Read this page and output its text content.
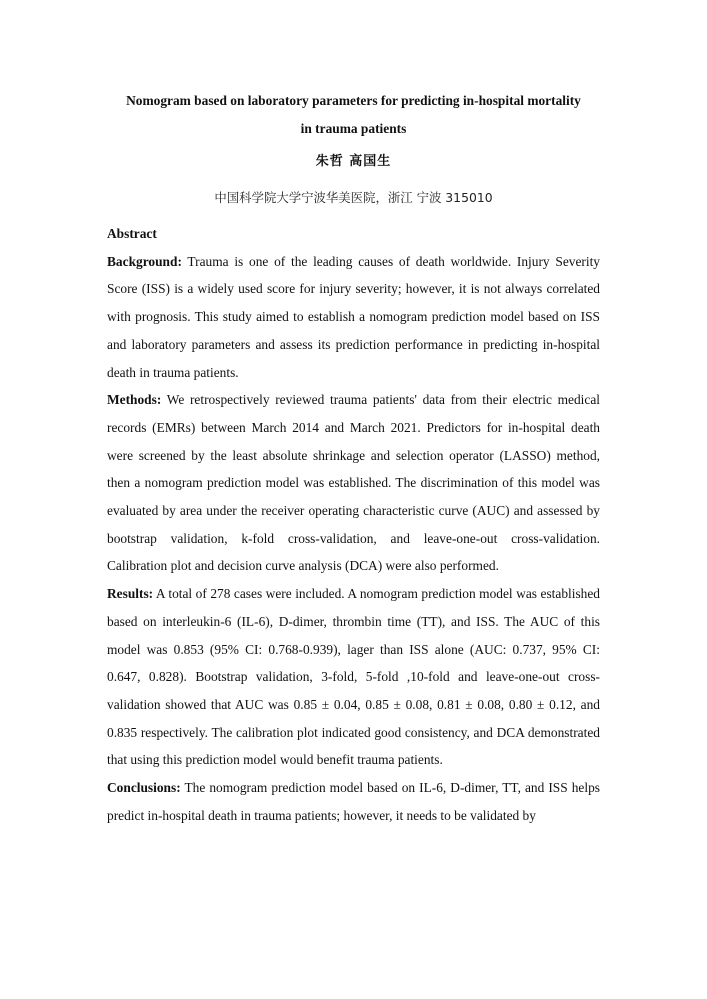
Nomogram based on laboratory parameters for predicting in-hospital mortality
in trauma patients
朱哲 高国生
中国科学院大学宁波华美医院，浙江 宁波 315010

Abstract

Background: Trauma is one of the leading causes of death worldwide. Injury Severity Score (ISS) is a widely used score for injury severity; however, it is not always correlated with prognosis. This study aimed to establish a nomogram prediction model based on ISS and laboratory parameters and assess its prediction performance in predicting in-hospital death in trauma patients.

Methods: We retrospectively reviewed trauma patients' data from their electric medical records (EMRs) between March 2014 and March 2021. Predictors for in-hospital death were screened by the least absolute shrinkage and selection operator (LASSO) method, then a nomogram prediction model was established. The discrimination of this model was evaluated by area under the receiver operating characteristic curve (AUC) and assessed by bootstrap validation, k-fold cross-validation, and leave-one-out cross-validation. Calibration plot and decision curve analysis (DCA) were also performed.

Results: A total of 278 cases were included. A nomogram prediction model was established based on interleukin-6 (IL-6), D-dimer, thrombin time (TT), and ISS. The AUC of this model was 0.853 (95% CI: 0.768-0.939), lager than ISS alone (AUC: 0.737, 95% CI: 0.647, 0.828). Bootstrap validation, 3-fold, 5-fold ,10-fold and leave-one-out cross-validation showed that AUC was 0.85 ± 0.04, 0.85 ± 0.08, 0.81 ± 0.08, 0.80 ± 0.12, and 0.835 respectively. The calibration plot indicated good consistency, and DCA demonstrated that using this prediction model would benefit trauma patients.

Conclusions: The nomogram prediction model based on IL-6, D-dimer, TT, and ISS helps predict in-hospital death in trauma patients; however, it needs to be validated by
